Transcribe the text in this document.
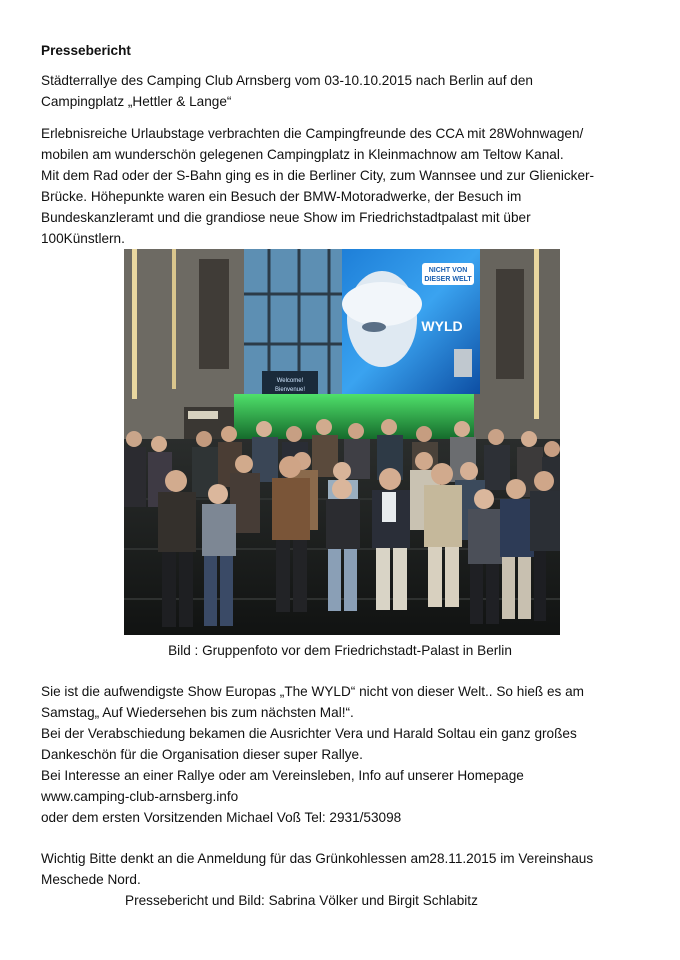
Pressebericht

Städterrallye des Camping Club Arnsberg vom 03-10.10.2015 nach Berlin auf den
Campingplatz „Hettler & Lange“

Erlebnisreiche Urlaubstage verbrachten die Campingfreunde des CCA mit 28Wohnwagen/
mobilen am wunderschön gelegenen Campingplatz in Kleinmachnow am Teltow Kanal.
Mit dem Rad oder der S-Bahn ging es in die Berliner City, zum Wannsee und zur Glienicker-
Brücke. Höhepunkte waren ein Besuch der BMW-Motoradwerke, der Besuch im
Bundeskanzleramt und die grandiose neue Show im Friedrichstadtpalast mit über
100Künstlern.

NICHT VON
DIESER WELT
WYLD
Welcome!
Bienvenue!
Bild : Gruppenfoto vor dem Friedrichstadt-Palast in Berlin

Sie ist die aufwendigste Show Europas „The WYLD“ nicht von dieser Welt.. So hieß es am
Samstag„ Auf Wiedersehen bis zum nächsten Mal!“.
Bei der Verabschiedung bekamen die Ausrichter Vera und Harald Soltau ein ganz großes
Dankeschön für die Organisation dieser super Rallye.
Bei Interesse an einer Rallye oder am Vereinsleben, Info auf unserer Homepage
www.camping-club-arnsberg.info
oder dem ersten Vorsitzenden Michael Voß Tel: 2931/53098

Wichtig Bitte denkt an die Anmeldung für das Grünkohlessen am28.11.2015 im Vereinshaus
Meschede Nord.

Pressebericht und Bild: Sabrina Völker und Birgit Schlabitz
